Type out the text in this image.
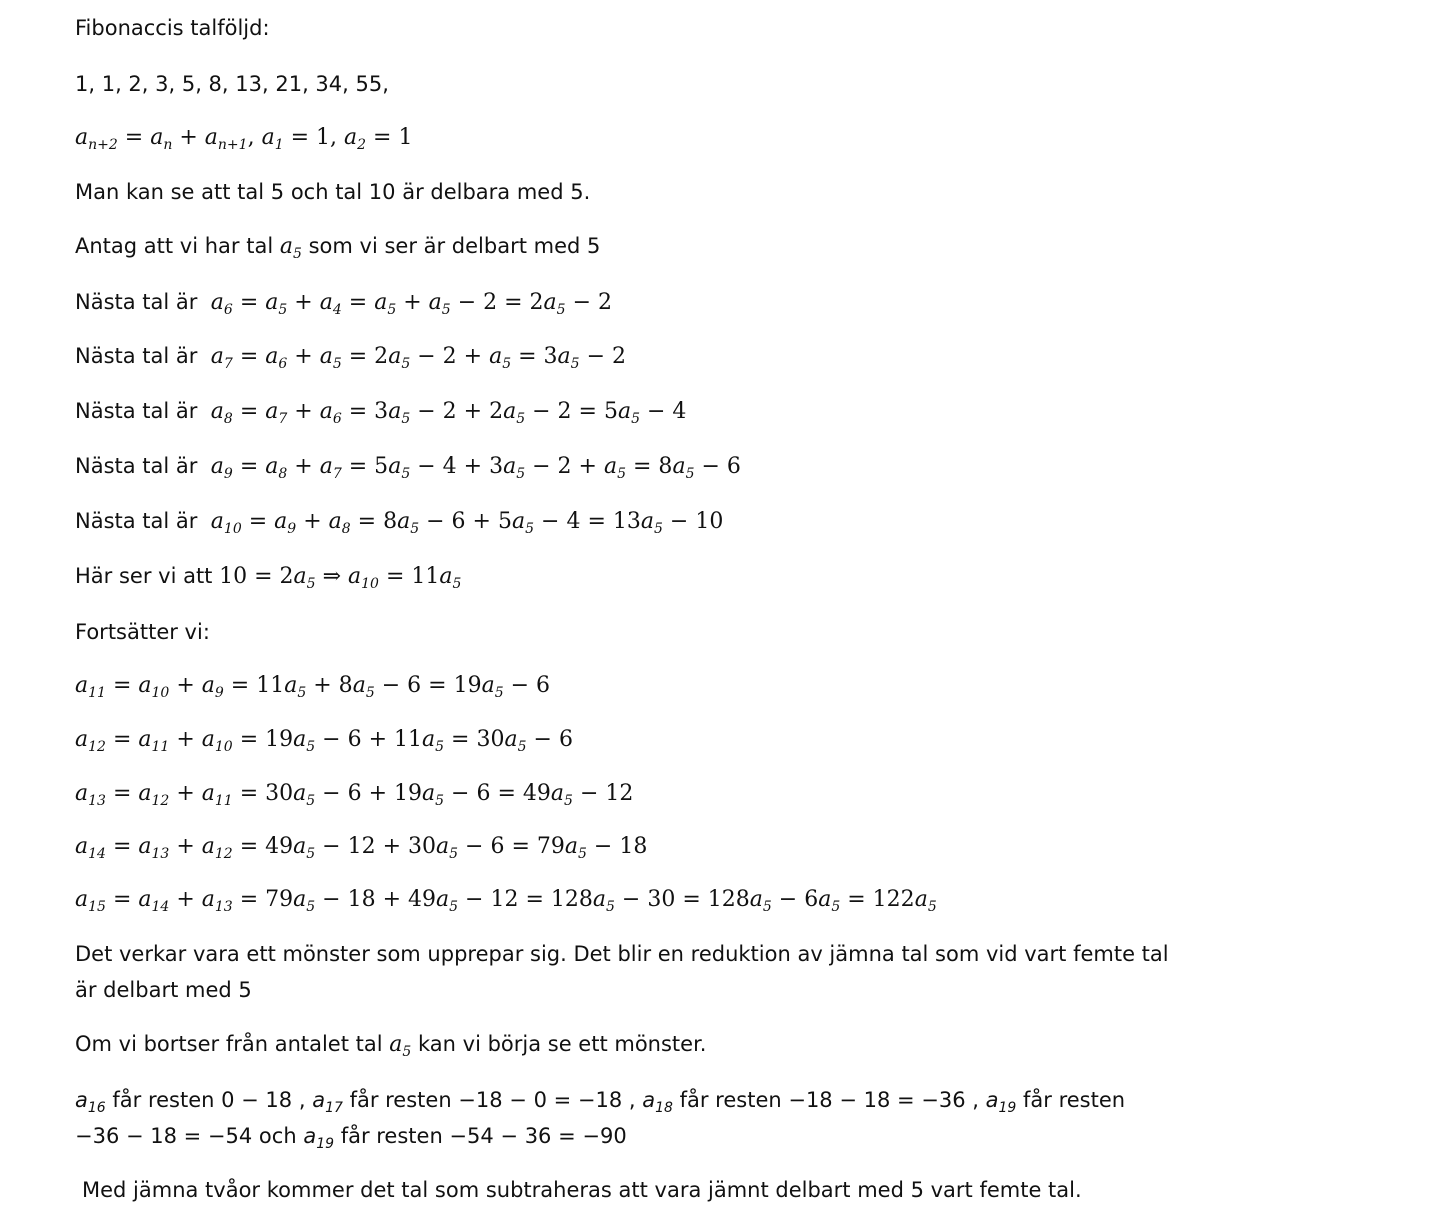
Fibonaccis talföljd:
1, 1, 2, 3, 5, 8, 13, 21, 34, 55,
$a_{n+2} = a_n + a_{n+1}$, $a_1 = 1$, $a_2 = 1$
Man kan se att tal 5 och tal 10 är delbara med 5.
Antag att vi har tal $a_5$ som vi ser är delbart med 5
Nästa tal är $a_6 = a_5 + a_4 = a_5 + a_5 - 2 = 2a_5 - 2$
Nästa tal är $a_7 = a_6 + a_5 = 2a_5 - 2 + a_5 = 3a_5 - 2$
Nästa tal är $a_8 = a_7 + a_6 = 3a_5 - 2 + 2a_5 - 2 = 5a_5 - 4$
Nästa tal är $a_9 = a_8 + a_7 = 5a_5 - 4 + 3a_5 - 2 + a_5 = 8a_5 - 6$
Nästa tal är $a_{10} = a_9 + a_8 = 8a_5 - 6 + 5a_5 - 4 = 13a_5 - 10$
Här ser vi att $10 = 2a_5$ ⇒ $a_{10} = 11a_5$
Fortsätter vi:
$a_{11} = a_{10} + a_9 = 11a_5 + 8a_5 - 6 = 19a_5 - 6$
$a_{12} = a_{11} + a_{10} = 19a_5 - 6 + 11a_5 = 30a_5 - 6$
$a_{13} = a_{12} + a_{11} = 30a_5 - 6 + 19a_5 - 6 = 49a_5 - 12$
$a_{14} = a_{13} + a_{12} = 49a_5 - 12 + 30a_5 - 6 = 79a_5 - 18$
$a_{15} = a_{14} + a_{13} = 79a_5 - 18 + 49a_5 - 12 = 128a_5 - 30 = 128a_5 - 6a_5 = 122a_5$
Det verkar vara ett mönster som upprepar sig. Det blir en reduktion av jämna tal som vid vart femte tal är delbart med 5
Om vi bortser från antalet tal $a_5$ kan vi börja se ett mönster.
$a_{16}$ får resten 0 − 18 , $a_{17}$ får resten −18 − 0 = −18 , $a_{18}$ får resten −18 − 18 = −36 , $a_{19}$ får resten −36 − 18 = −54 och $a_{19}$ får resten −54 − 36 = −90
Med jämna tvåor kommer det tal som subtraheras att vara jämnt delbart med 5 vart femte tal.
